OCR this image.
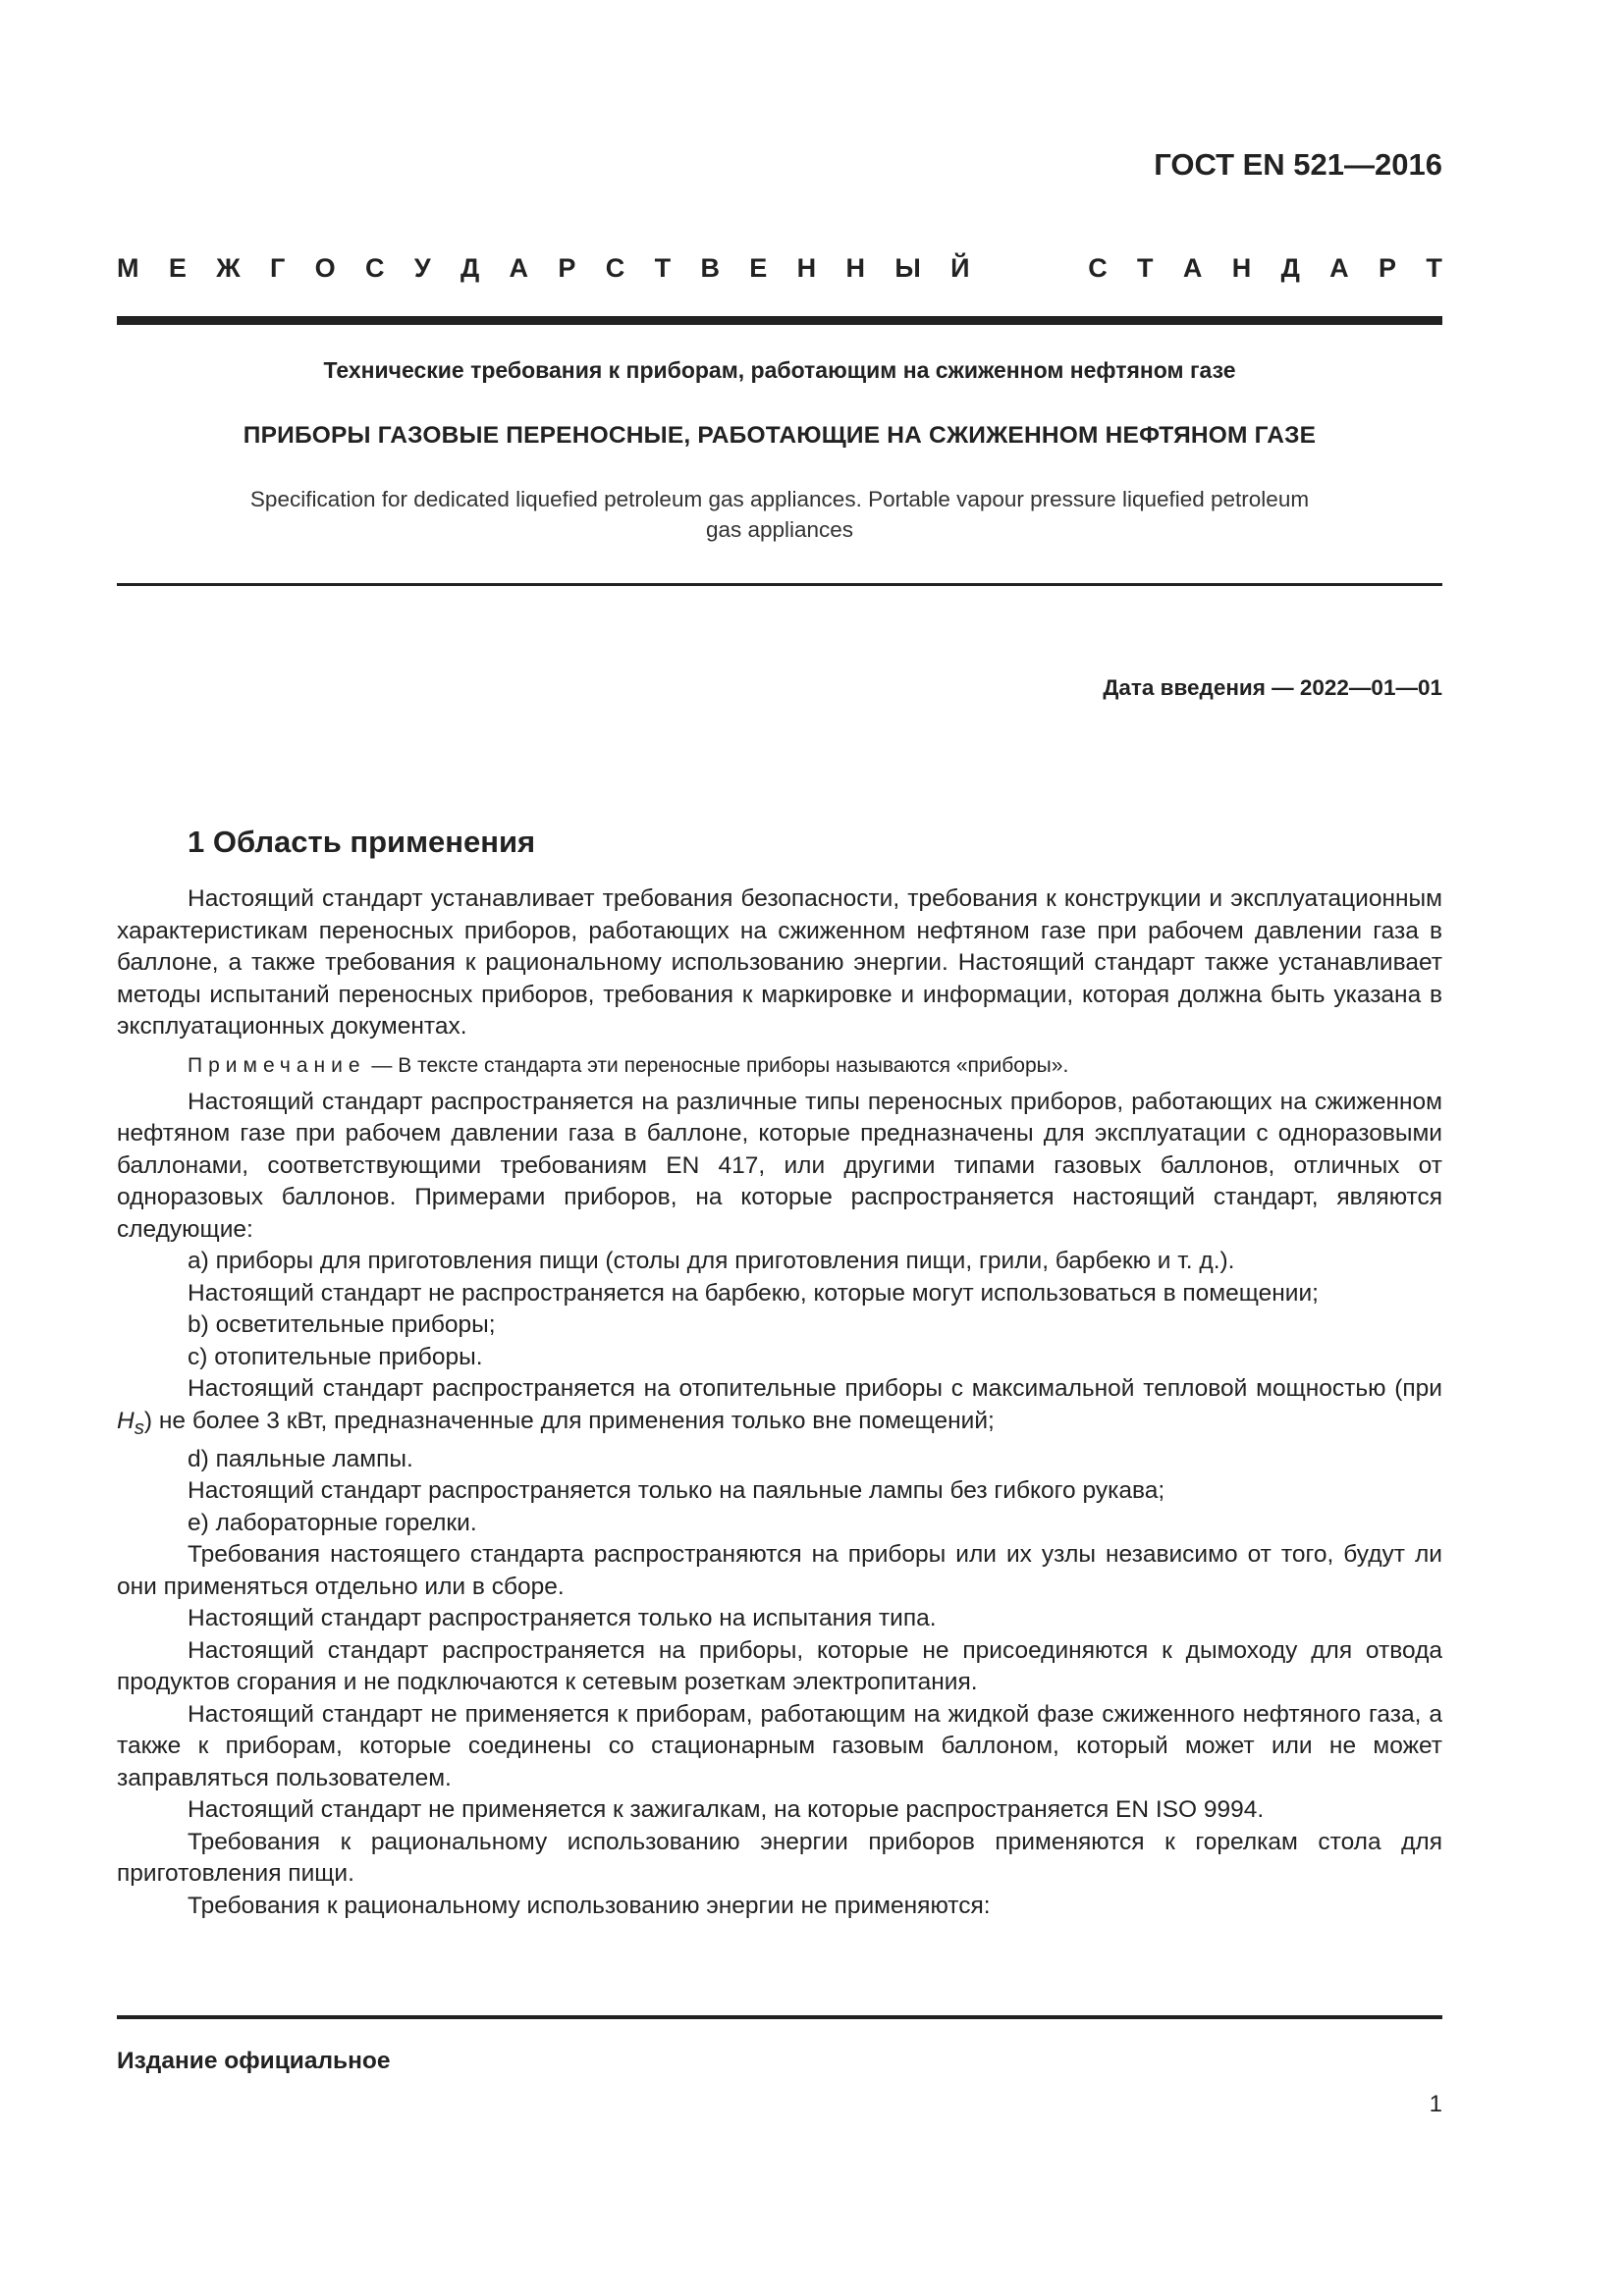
ГОСТ EN 521—2016
М Е Ж Г О С У Д А Р С Т В Е Н Н Ы Й	С Т А Н Д А Р Т
Технические требования к приборам, работающим на сжиженном нефтяном газе
ПРИБОРЫ ГАЗОВЫЕ ПЕРЕНОСНЫЕ, РАБОТАЮЩИЕ НА СЖИЖЕННОМ НЕФТЯНОМ ГАЗЕ
Specification for dedicated liquefied petroleum gas appliances. Portable vapour pressure liquefied petroleum
gas appliances
Дата введения — 2022—01—01
1 Область применения

Настоящий стандарт устанавливает требования безопасности, требования к конструкции и эксплуатационным характеристикам переносных приборов, работающих на сжиженном нефтяном газе при рабочем давлении газа в баллоне, а также требования к рациональному использованию энергии. Настоящий стандарт также устанавливает методы испытаний переносных приборов, требования к маркировке и информации, которая должна быть указана в эксплуатационных документах.

Примечание — В тексте стандарта эти переносные приборы называются «приборы».

Настоящий стандарт распространяется на различные типы переносных приборов, работающих на сжиженном нефтяном газе при рабочем давлении газа в баллоне, которые предназначены для эксплуатации с одноразовыми баллонами, соответствующими требованиям EN 417, или другими типами газовых баллонов, отличных от одноразовых баллонов. Примерами приборов, на которые распространяется настоящий стандарт, являются следующие:

а) приборы для приготовления пищи (столы для приготовления пищи, грили, барбекю и т. д.).

Настоящий стандарт не распространяется на барбекю, которые могут использоваться в помещении;

b) осветительные приборы;

c) отопительные приборы.

Настоящий стандарт распространяется на отопительные приборы с максимальной тепловой мощностью (при $H_s$) не более 3 кВт, предназначенные для применения только вне помещений;

d) паяльные лампы.

Настоящий стандарт распространяется только на паяльные лампы без гибкого рукава;

e) лабораторные горелки.

Требования настоящего стандарта распространяются на приборы или их узлы независимо от того, будут ли они применяться отдельно или в сборе.

Настоящий стандарт распространяется только на испытания типа.

Настоящий стандарт распространяется на приборы, которые не присоединяются к дымоходу для отвода продуктов сгорания и не подключаются к сетевым розеткам электропитания.

Настоящий стандарт не применяется к приборам, работающим на жидкой фазе сжиженного нефтяного газа, а также к приборам, которые соединены со стационарным газовым баллоном, который может или не может заправляться пользователем.

Настоящий стандарт не применяется к зажигалкам, на которые распространяется EN ISO 9994.

Требования к рациональному использованию энергии приборов применяются к горелкам стола для приготовления пищи.

Требования к рациональному использованию энергии не применяются:

Издание официальное
1
